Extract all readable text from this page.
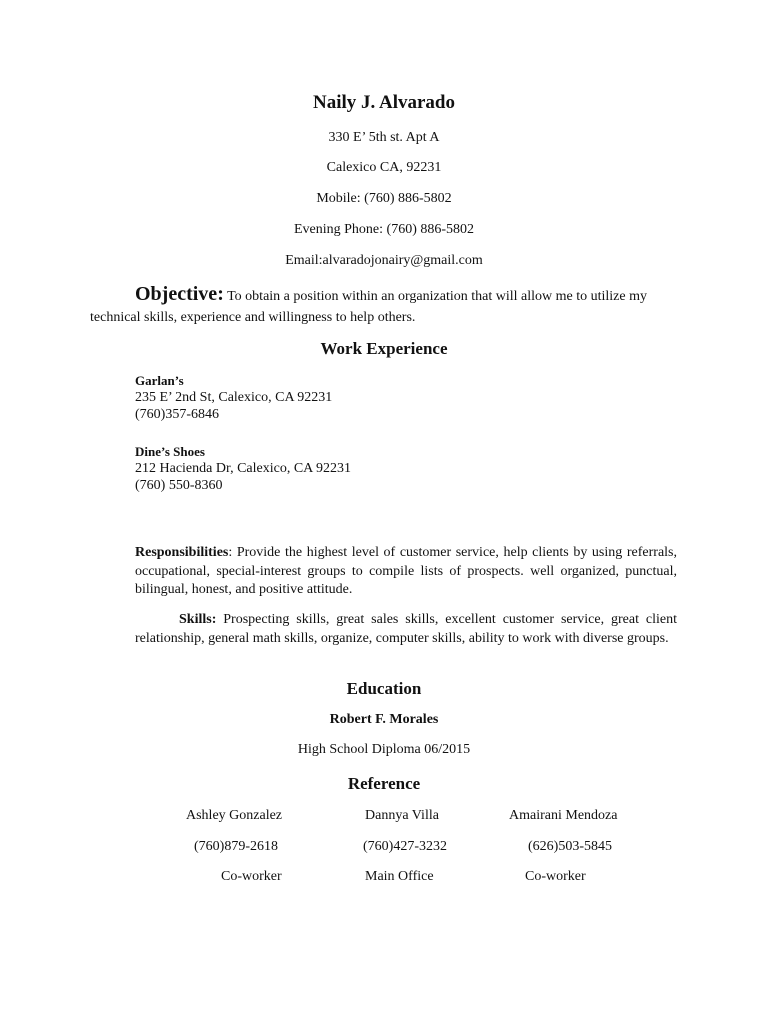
Naily J. Alvarado
330 E’ 5th st. Apt A
Calexico CA, 92231
Mobile: (760) 886-5802
Evening Phone: (760) 886-5802
Email:alvaradojonairy@gmail.com
Objective: To obtain a position within an organization that will allow me to utilize my technical skills, experience and willingness to help others.
Work Experience
Garlan’s
235 E’ 2nd St, Calexico, CA 92231
(760)357-6846
Dine’s Shoes
212 Hacienda Dr, Calexico, CA 92231
(760) 550-8360
Responsibilities: Provide the highest level of customer service, help clients by using referrals, occupational, special-interest groups to compile lists of prospects. well organized, punctual, bilingual, honest, and positive attitude.
Skills: Prospecting skills, great sales skills, excellent customer service, great client relationship, general math skills, organize, computer skills, ability to work with diverse groups.
Education
Robert F. Morales
High School Diploma 06/2015
Reference
Ashley Gonzalez
(760)879-2618
Co-worker
Dannya Villa
(760)427-3232
Main Office
Amairani Mendoza
(626)503-5845
Co-worker
